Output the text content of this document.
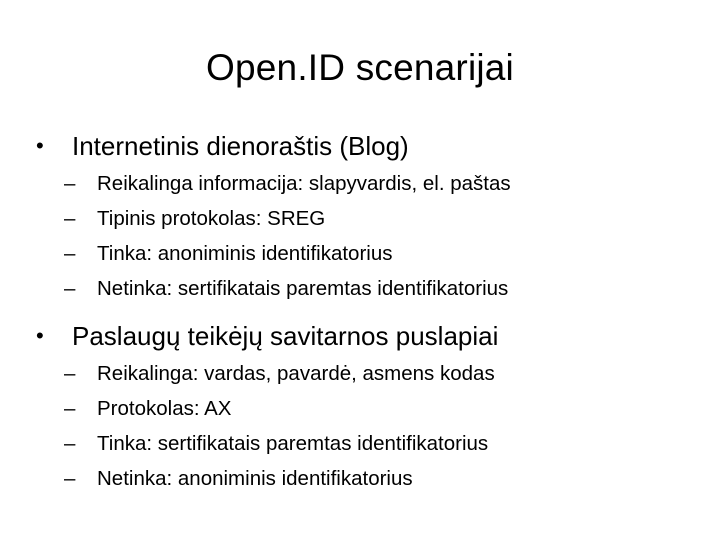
Open.ID scenarijai
• Internetinis dienoraštis (Blog)
– Reikalinga informacija: slapyvardis, el. paštas
– Tipinis protokolas: SREG
– Tinka: anoniminis identifikatorius
– Netinka: sertifikatais paremtas identifikatorius
• Paslaugų teikėjų savitarnos puslapiai
– Reikalinga: vardas, pavardė, asmens kodas
– Protokolas: AX
– Tinka: sertifikatais paremtas identifikatorius
– Netinka: anoniminis identifikatorius
